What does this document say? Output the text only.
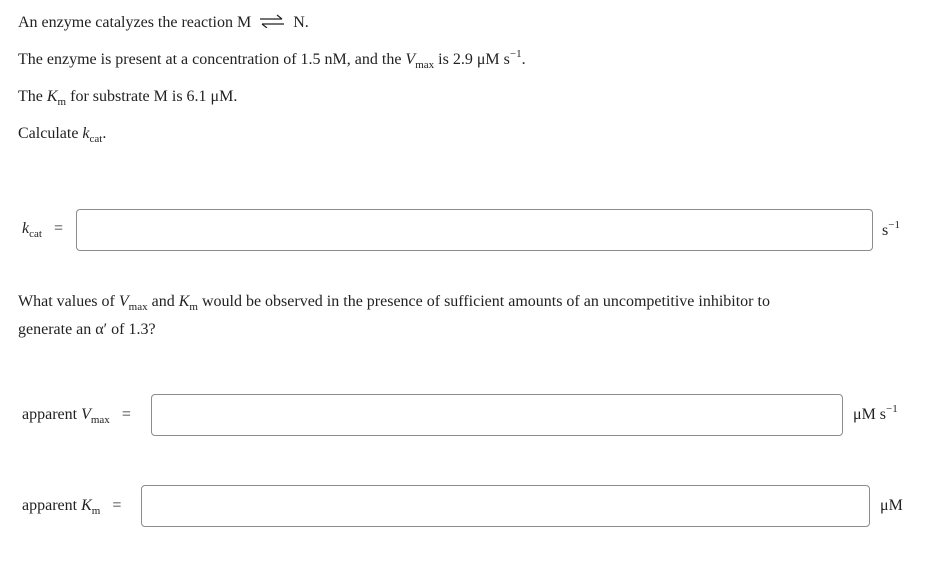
An enzyme catalyzes the reaction M ⇌ N.
The enzyme is present at a concentration of 1.5 nM, and the $V_{max}$ is 2.9 μM $s^{-1}$.
The $K_m$ for substrate M is 6.1 μM.
Calculate $k_{cat}$.
$k_{cat}$ =	$s^{-1}$
What values of $V_{max}$ and $K_m$ would be observed in the presence of sufficient amounts of an uncompetitive inhibitor to
generate an α′ of 1.3?
apparent $V_{max}$ =	μM $s^{-1}$
apparent $K_m$ =	μM
